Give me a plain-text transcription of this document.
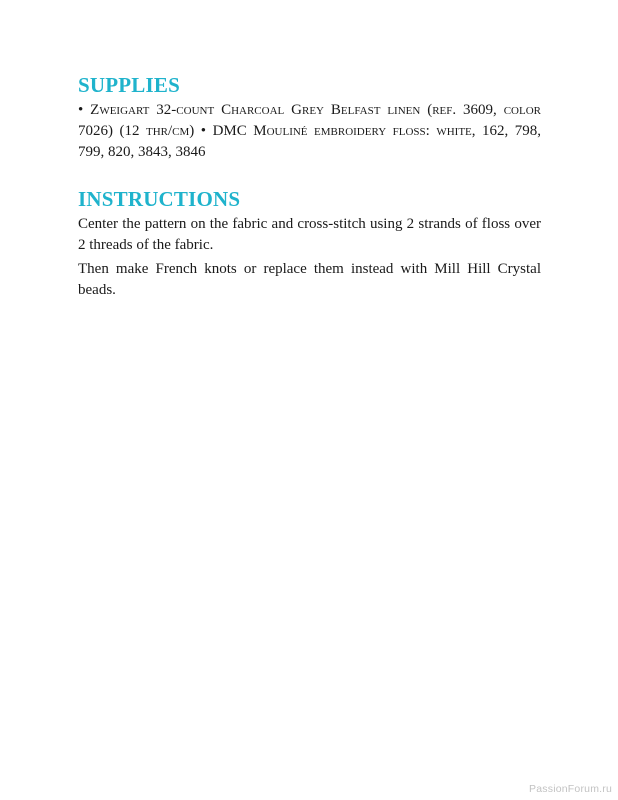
SUPPLIES

• Zweigart 32-count Charcoal Grey Belfast linen (ref. 3609, color 7026) (12 thr/cm) • DMC Mouliné embroidery floss: white, 162, 798, 799, 820, 3843, 3846

INSTRUCTIONS

Center the pattern on the fabric and cross-stitch using 2 strands of floss over 2 threads of the fabric.

Then make French knots or replace them instead with Mill Hill Crystal beads.

PassionForum.ru
